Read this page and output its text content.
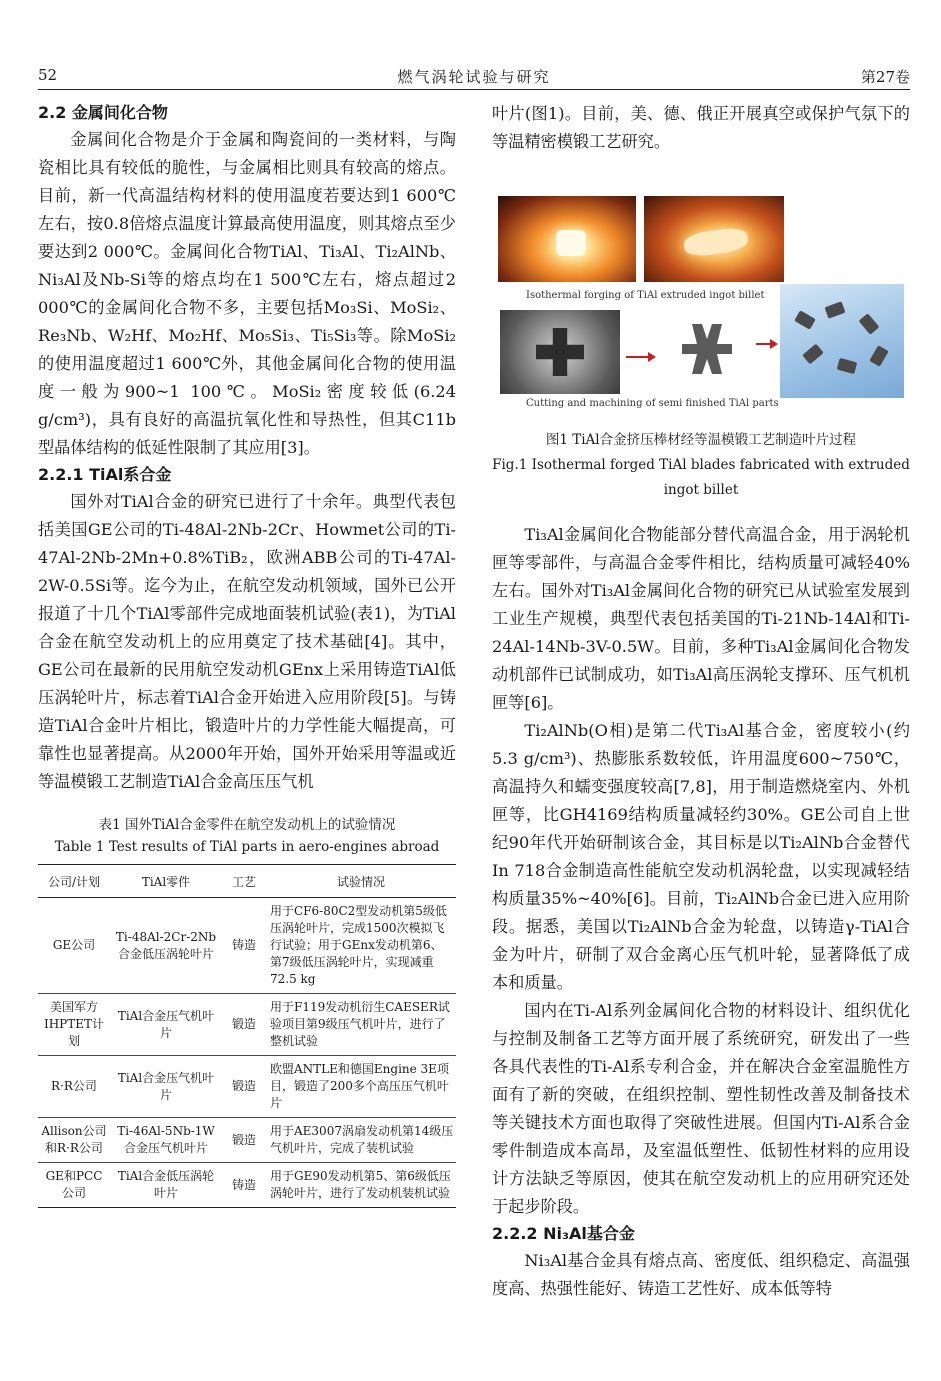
52	燃气涡轮试验与研究	第27卷
2.2 金属间化合物

金属间化合物是介于金属和陶瓷间的一类材料，与陶瓷相比具有较低的脆性，与金属相比则具有较高的熔点。目前，新一代高温结构材料的使用温度若要达到1 600℃左右，按0.8倍熔点温度计算最高使用温度，则其熔点至少要达到2 000℃。金属间化合物TiAl、Ti₃Al、Ti₂AlNb、Ni₃Al及Nb-Si等的熔点均在1 500℃左右，熔点超过2 000℃的金属间化合物不多，主要包括Mo₃Si、MoSi₂、Re₃Nb、W₂Hf、Mo₂Hf、Mo₅Si₃、Ti₅Si₃等。除MoSi₂的使用温度超过1 600℃外，其他金属间化合物的使用温度一般为900~1 100℃。MoSi₂密度较低(6.24 g/cm³)，具有良好的高温抗氧化性和导热性，但其C11b型晶体结构的低延性限制了其应用[3]。

2.2.1 TiAl系合金

国外对TiAl合金的研究已进行了十余年。典型代表包括美国GE公司的Ti-48Al-2Nb-2Cr、Howmet公司的Ti-47Al-2Nb-2Mn+0.8%TiB₂，欧洲ABB公司的Ti-47Al-2W-0.5Si等。迄今为止，在航空发动机领域，国外已公开报道了十几个TiAl零部件完成地面装机试验(表1)，为TiAl合金在航空发动机上的应用奠定了技术基础[4]。其中，GE公司在最新的民用航空发动机GEnx上采用铸造TiAl低压涡轮叶片，标志着TiAl合金开始进入应用阶段[5]。与铸造TiAl合金叶片相比，锻造叶片的力学性能大幅提高，可靠性也显著提高。从2000年开始，国外开始采用等温或近等温模锻工艺制造TiAl合金高压压气机

表1 国外TiAl合金零件在航空发动机上的试验情况
Table 1 Test results of TiAl parts in aero-engines abroad
公司/计划	TiAl零件	工艺	试验情况
GE公司	Ti-48Al-2Cr-2Nb合金低压涡轮叶片	铸造	用于CF6-80C2型发动机第5级低压涡轮叶片，完成1500次模拟飞行试验；用于GEnx发动机第6、第7级低压涡轮叶片，实现减重72.5 kg
美国军方IHPTET计划	TiAl合金压气机叶片	锻造	用于F119发动机衍生CAESER试验项目第9级压气机叶片，进行了整机试验
R·R公司	TiAl合金压气机叶片	锻造	欧盟ANTLE和德国Engine 3E项目，锻造了200多个高压压气机叶片
Allison公司和R·R公司	Ti-46Al-5Nb-1W合金压气机叶片	锻造	用于AE3007涡扇发动机第14级压气机叶片，完成了装机试验
GE和PCC公司	TiAl合金低压涡轮叶片	铸造	用于GE90发动机第5、第6级低压涡轮叶片，进行了发动机装机试验

叶片(图1)。目前，美、德、俄正开展真空或保护气氛下的等温精密模锻工艺研究。

Isothermal forging of TiAl extruded ingot billet
Cutting and machining of semi finished TiAl parts
图1 TiAl合金挤压棒材经等温模锻工艺制造叶片过程
Fig.1 Isothermal forged TiAl blades fabricated with extruded
ingot billet

Ti₃Al金属间化合物能部分替代高温合金，用于涡轮机匣等零部件，与高温合金零件相比，结构质量可减轻40%左右。国外对Ti₃Al金属间化合物的研究已从试验室发展到工业生产规模，典型代表包括美国的Ti-21Nb-14Al和Ti-24Al-14Nb-3V-0.5W。目前，多种Ti₃Al金属间化合物发动机部件已试制成功，如Ti₃Al高压涡轮支撑环、压气机机匣等[6]。

Ti₂AlNb(O相)是第二代Ti₃Al基合金，密度较小(约5.3 g/cm³)、热膨胀系数较低，许用温度600~750℃，高温持久和蠕变强度较高[7,8]，用于制造燃烧室内、外机匣等，比GH4169结构质量减轻约30%。GE公司自上世纪90年代开始研制该合金，其目标是以Ti₂AlNb合金替代In 718合金制造高性能航空发动机涡轮盘，以实现减轻结构质量35%~40%[6]。目前，Ti₂AlNb合金已进入应用阶段。据悉，美国以Ti₂AlNb合金为轮盘，以铸造γ-TiAl合金为叶片，研制了双合金离心压气机叶轮，显著降低了成本和质量。

国内在Ti-Al系列金属间化合物的材料设计、组织优化与控制及制备工艺等方面开展了系统研究，研发出了一些各具代表性的Ti-Al系专利合金，并在解决合金室温脆性方面有了新的突破，在组织控制、塑性韧性改善及制备技术等关键技术方面也取得了突破性进展。但国内Ti-Al系合金零件制造成本高昂，及室温低塑性、低韧性材料的应用设计方法缺乏等原因，使其在航空发动机上的应用研究还处于起步阶段。

2.2.2 Ni₃Al基合金

Ni₃Al基合金具有熔点高、密度低、组织稳定、高温强度高、热强性能好、铸造工艺性好、成本低等特
